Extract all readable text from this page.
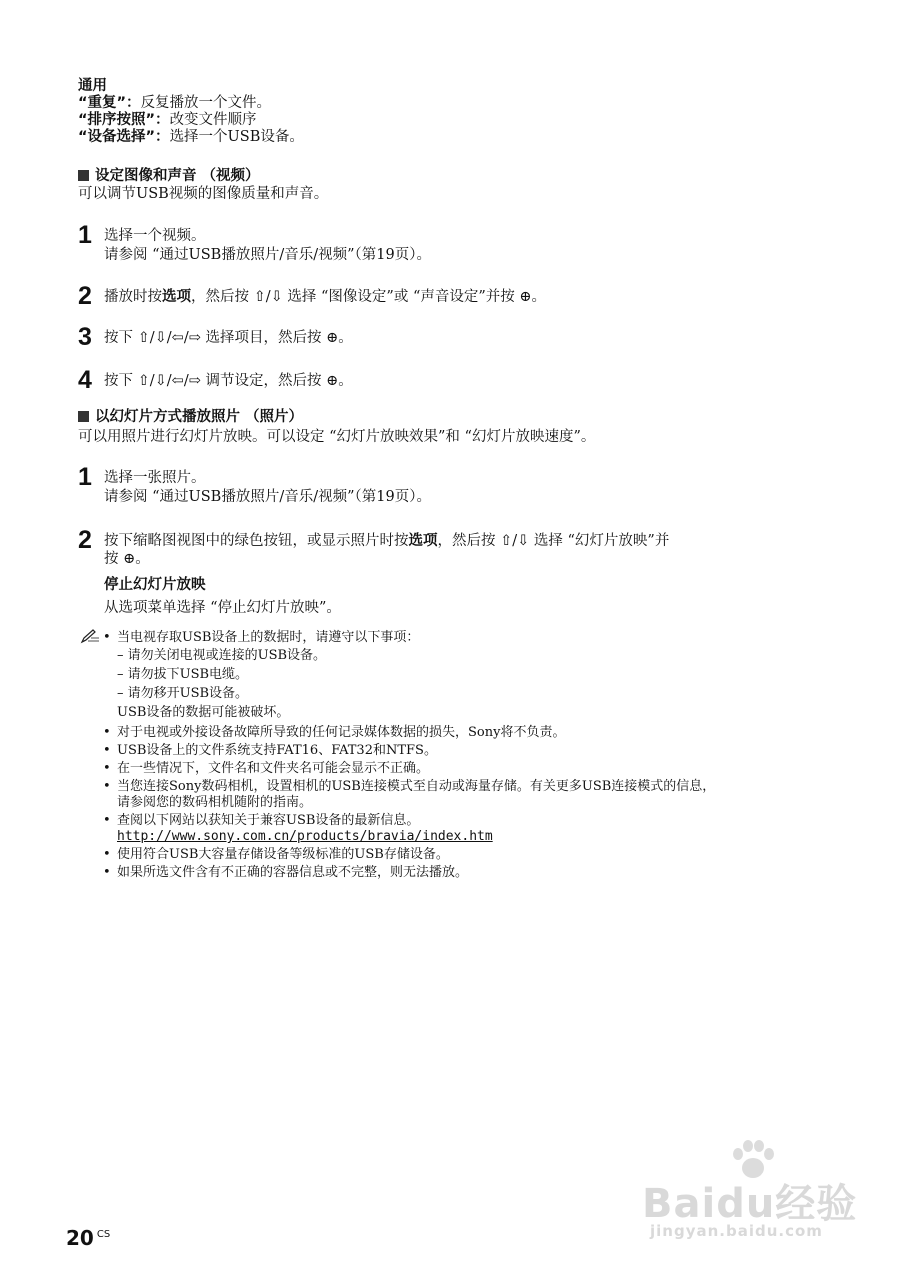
通用
“重复”：反复播放一个文件。
“排序按照”：改变文件顺序
“设备选择”：选择一个USB设备。
设定图像和声音 （视频）
可以调节USB视频的图像质量和声音。
1 选择一个视频。
请参阅 “通过USB播放照片/音乐/视频”（第19页）。
2 播放时按选项，然后按 ⇧/⇩ 选择 “图像设定”或 “声音设定”并按 ⊕。
3 按下 ⇧/⇩/⇦/⇨ 选择项目，然后按 ⊕。
4 按下 ⇧/⇩/⇦/⇨ 调节设定，然后按 ⊕。
以幻灯片方式播放照片 （照片）
可以用照片进行幻灯片放映。可以设定 “幻灯片放映效果”和 “幻灯片放映速度”。
1 选择一张照片。
请参阅 “通过USB播放照片/音乐/视频”（第19页）。
2 按下缩略图视图中的绿色按钮，或显示照片时按选项，然后按 ⇧/⇩ 选择 “幻灯片放映”并
按 ⊕。
停止幻灯片放映
从选项菜单选择 “停止幻灯片放映”。
• 当电视存取USB设备上的数据时，请遵守以下事项：
– 请勿关闭电视或连接的USB设备。
– 请勿拔下USB电缆。
– 请勿移开USB设备。
USB设备的数据可能被破坏。
• 对于电视或外接设备故障所导致的任何记录媒体数据的损失，Sony将不负责。
• USB设备上的文件系统支持FAT16、FAT32和NTFS。
• 在一些情况下，文件名和文件夹名可能会显示不正确。
• 当您连接Sony数码相机，设置相机的USB连接模式至自动或海量存储。有关更多USB连接模式的信息，
请参阅您的数码相机随附的指南。
• 查阅以下网站以获知关于兼容USB设备的最新信息。
http://www.sony.com.cn/products/bravia/index.htm
• 使用符合USB大容量存储设备等级标准的USB存储设备。
• 如果所选文件含有不正确的容器信息或不完整，则无法播放。
20 $^{CS}$
Baidu经验
jingyan.baidu.com
